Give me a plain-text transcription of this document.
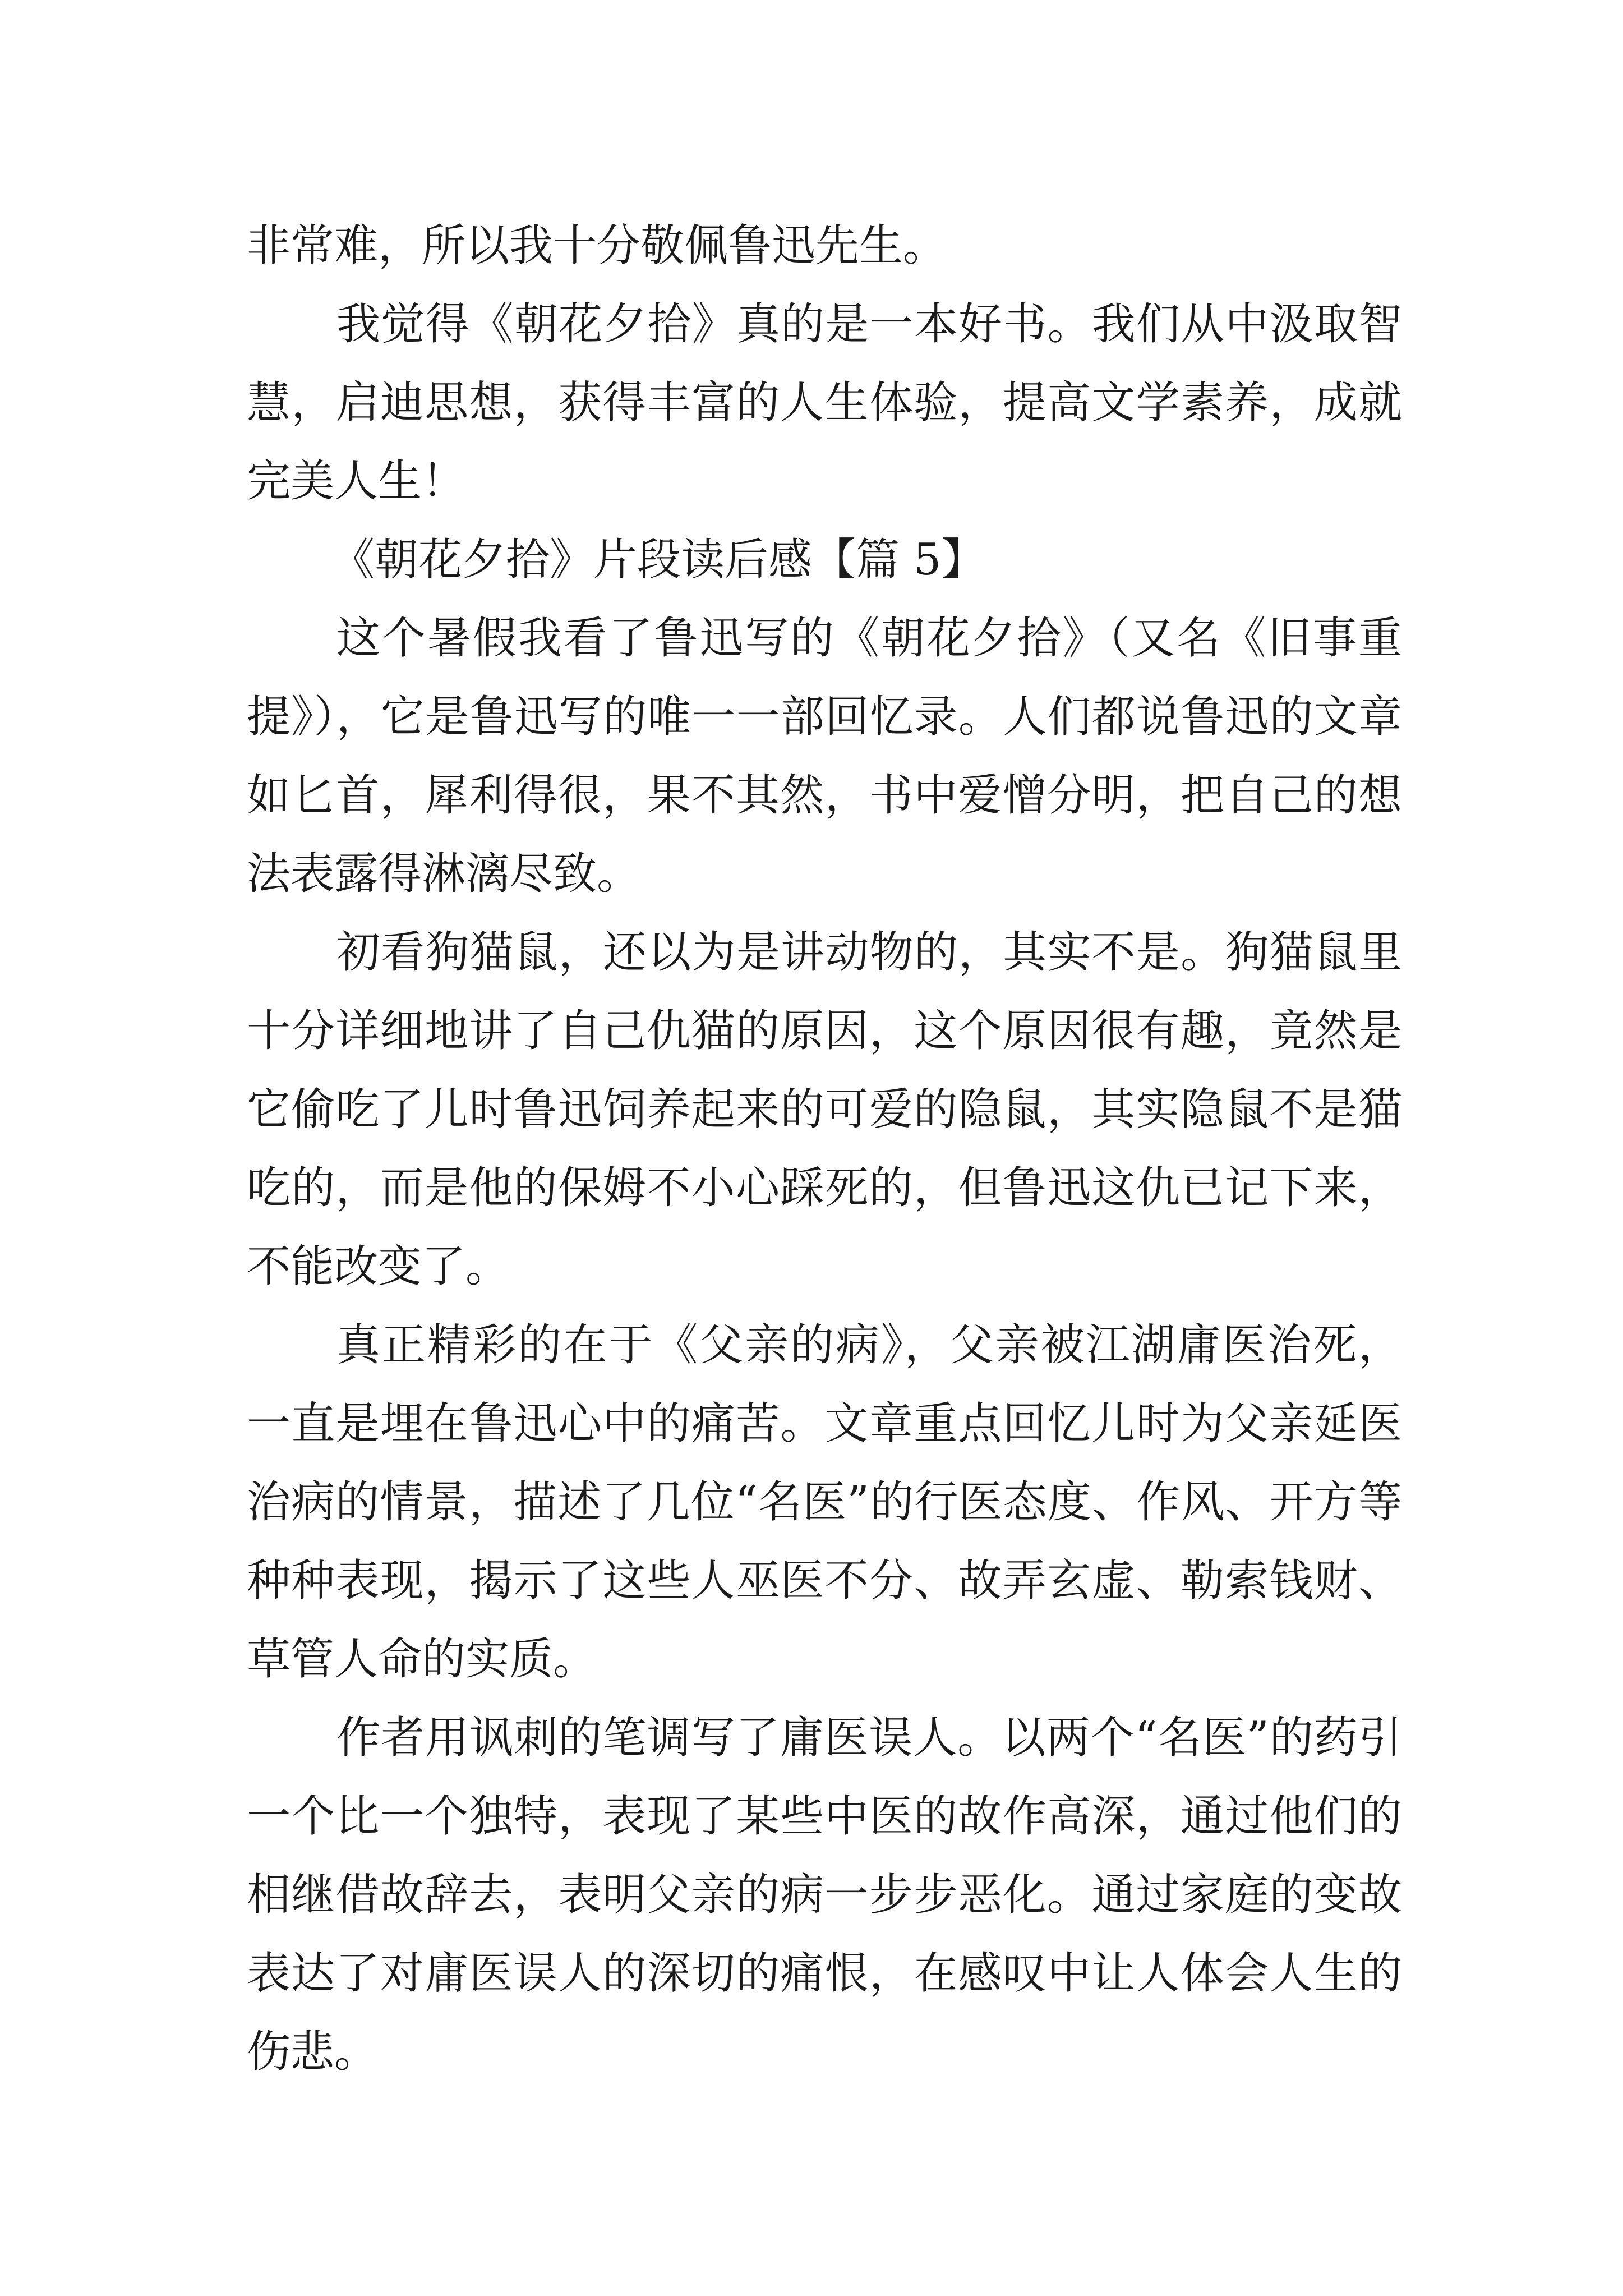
非常难，所以我十分敬佩鲁迅先生。

我觉得《朝花夕拾》真的是一本好书。我们从中汲取智慧，启迪思想，获得丰富的人生体验，提高文学素养，成就完美人生！

《朝花夕拾》片段读后感【篇 5】

这个暑假我看了鲁迅写的《朝花夕拾》（又名《旧事重提》），它是鲁迅写的唯一一部回忆录。人们都说鲁迅的文章如匕首，犀利得很，果不其然，书中爱憎分明，把自己的想法表露得淋漓尽致。

初看狗猫鼠，还以为是讲动物的，其实不是。狗猫鼠里十分详细地讲了自己仇猫的原因，这个原因很有趣，竟然是它偷吃了儿时鲁迅饲养起来的可爱的隐鼠，其实隐鼠不是猫吃的，而是他的保姆不小心踩死的，但鲁迅这仇已记下来，不能改变了。

真正精彩的在于《父亲的病》，父亲被江湖庸医治死，一直是埋在鲁迅心中的痛苦。文章重点回忆儿时为父亲延医治病的情景，描述了几位“名医”的行医态度、作风、开方等种种表现，揭示了这些人巫医不分、故弄玄虚、勒索钱财、草管人命的实质。

作者用讽刺的笔调写了庸医误人。以两个“名医”的药引一个比一个独特，表现了某些中医的故作高深，通过他们的相继借故辞去，表明父亲的病一步步恶化。通过家庭的变故表达了对庸医误人的深切的痛恨，在感叹中让人体会人生的伤悲。
